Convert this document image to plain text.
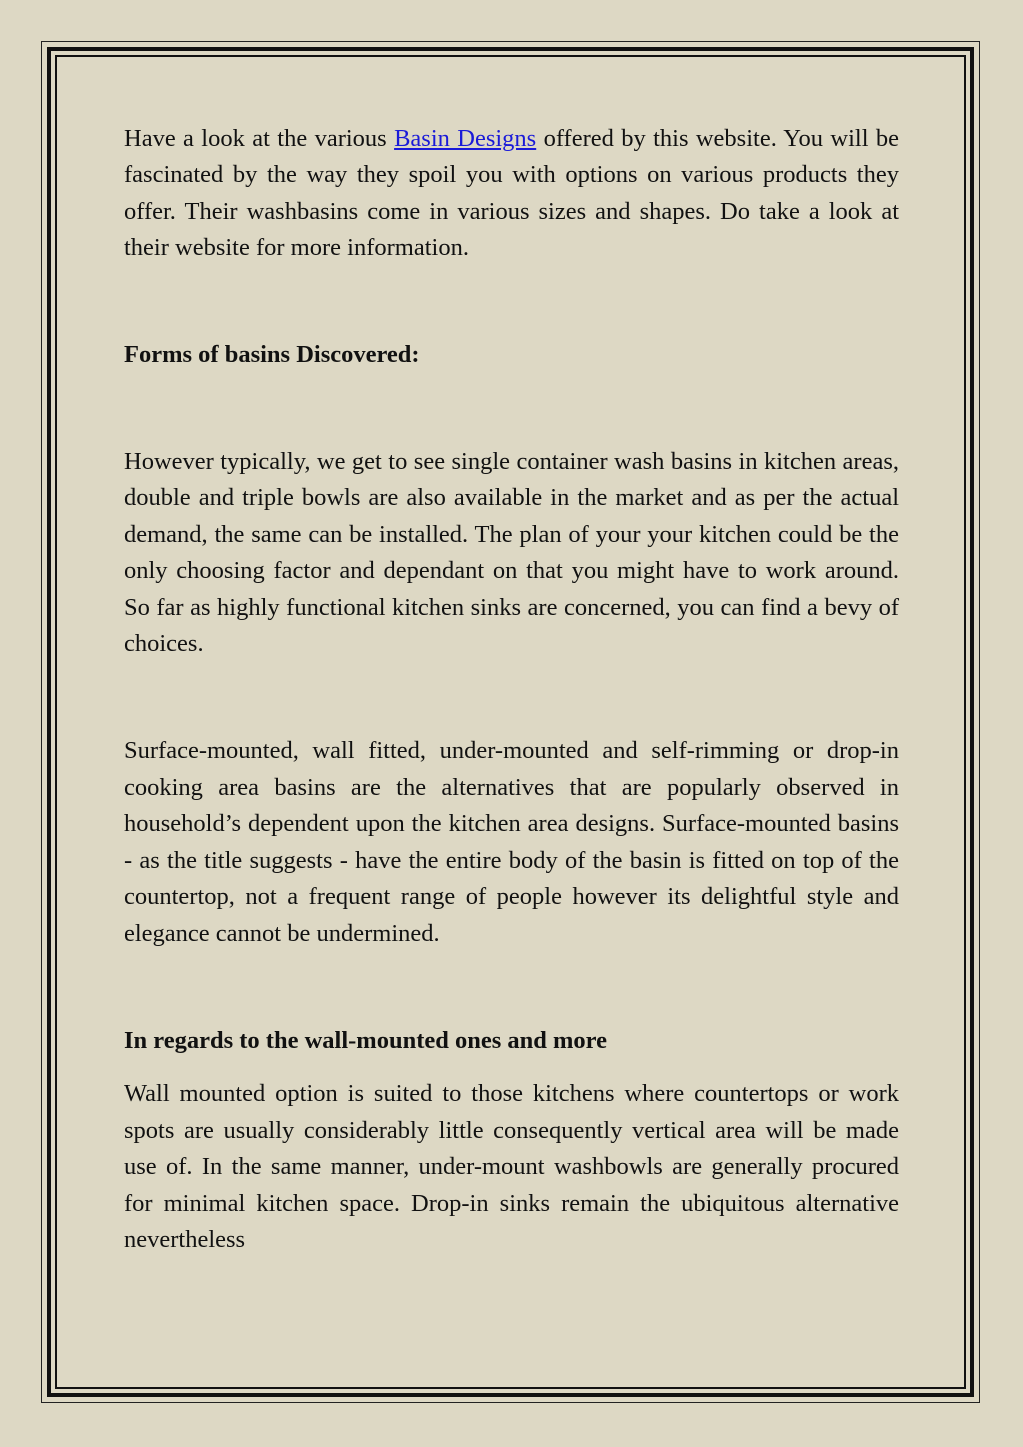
Have a look at the various Basin Designs offered by this website. You will be fascinated by the way they spoil you with options on various products they offer. Their washbasins come in various sizes and shapes. Do take a look at their website for more information.

Forms of basins Discovered:

However typically, we get to see single container wash basins in kitchen areas, double and triple bowls are also available in the market and as per the actual demand, the same can be installed. The plan of your your kitchen could be the only choosing factor and dependant on that you might have to work around. So far as highly functional kitchen sinks are concerned, you can find a bevy of choices.

Surface-mounted, wall fitted, under-mounted and self-rimming or drop-in cooking area basins are the alternatives that are popularly observed in household’s dependent upon the kitchen area designs. Surface-mounted basins - as the title suggests - have the entire body of the basin is fitted on top of the countertop, not a frequent range of people however its delightful style and elegance cannot be undermined.

In regards to the wall-mounted ones and more

Wall mounted option is suited to those kitchens where countertops or work spots are usually considerably little consequently vertical area will be made use of. In the same manner, under-mount washbowls are generally procured for minimal kitchen space. Drop-in sinks remain the ubiquitous alternative nevertheless
